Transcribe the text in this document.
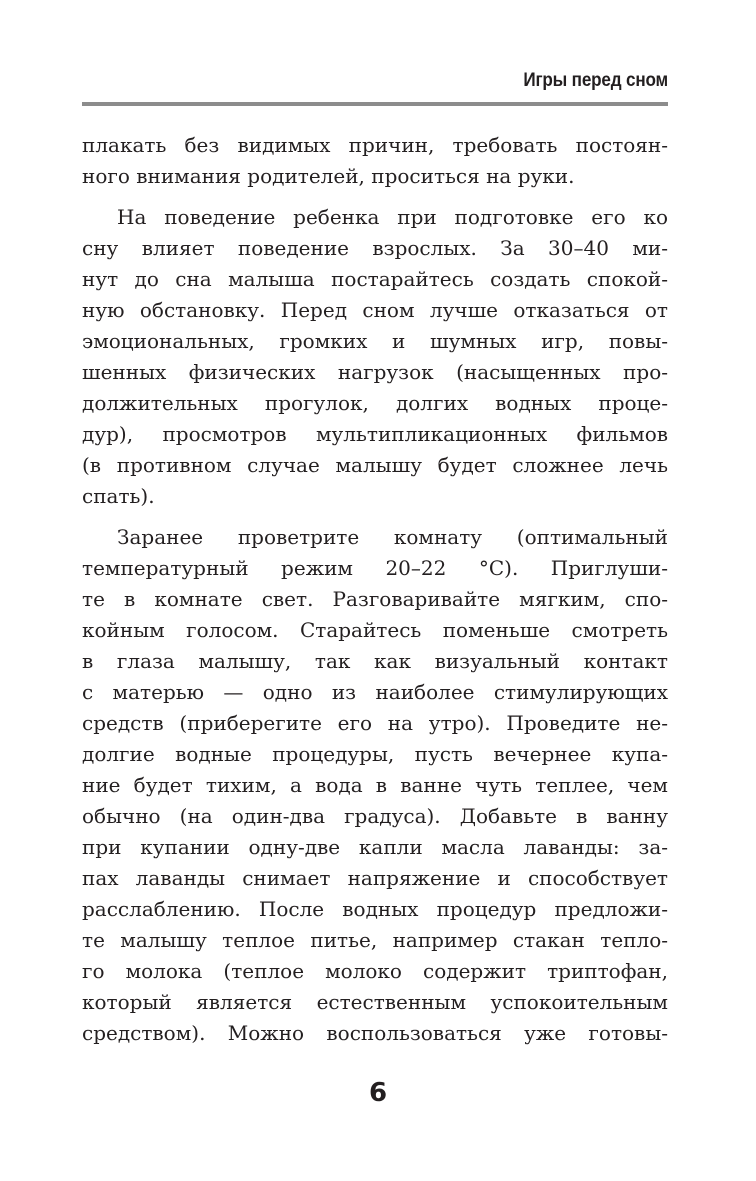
Игры перед сном
плакать без видимых причин, требовать постоян-
ного внимания родителей, проситься на руки.
На поведение ребенка при подготовке его ко
сну влияет поведение взрослых. За 30–40 ми-
нут до сна малыша постарайтесь создать спокой-
ную обстановку. Перед сном лучше отказаться от
эмоциональных, громких и шумных игр, повы-
шенных физических нагрузок (насыщенных про-
должительных прогулок, долгих водных проце-
дур), просмотров мультипликационных фильмов
(в противном случае малышу будет сложнее лечь
спать).
Заранее проветрите комнату (оптимальный
температурный режим 20–22 °С). Приглуши-
те в комнате свет. Разговаривайте мягким, спо-
койным голосом. Старайтесь поменьше смотреть
в глаза малышу, так как визуальный контакт
с матерью — одно из наиболее стимулирующих
средств (приберегите его на утро). Проведите не-
долгие водные процедуры, пусть вечернее купа-
ние будет тихим, а вода в ванне чуть теплее, чем
обычно (на один-два градуса). Добавьте в ванну
при купании одну-две капли масла лаванды: за-
пах лаванды снимает напряжение и способствует
расслаблению. После водных процедур предложи-
те малышу теплое питье, например стакан тепло-
го молока (теплое молоко содержит триптофан,
который является естественным успокоительным
средством). Можно воспользоваться уже готовы-
6
